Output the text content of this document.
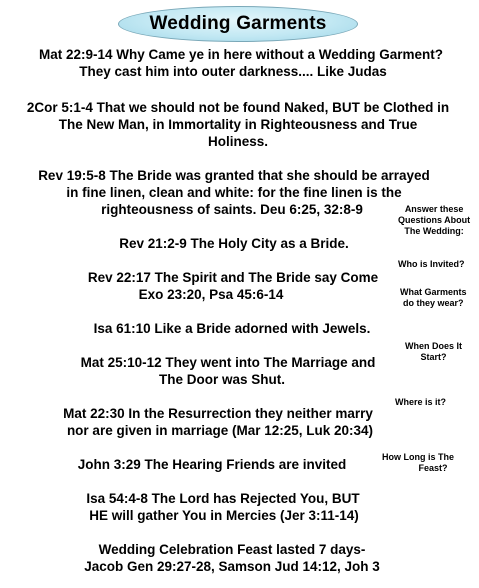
Wedding Garments
Mat 22:9-14 Why Came ye in here without a Wedding Garment?
They cast him into outer darkness.... Like Judas
2Cor 5:1-4 That we should not be found Naked, BUT be Clothed in
The New Man, in Immortality in Righteousness and True
Holiness.
Rev 19:5-8 The Bride was granted that she should be arrayed
in fine linen, clean and white: for the fine linen is the
righteousness of saints. Deu 6:25, 32:8-9
Rev 21:2-9 The Holy City as a Bride.
Rev 22:17 The Spirit and The Bride say Come
Exo 23:20, Psa 45:6-14
Isa 61:10 Like a Bride adorned with Jewels.
Mat 25:10-12 They went into The Marriage and
The Door was Shut.
Mat 22:30 In the Resurrection they neither marry
nor are given in marriage (Mar 12:25, Luk 20:34)
John 3:29 The Hearing Friends are invited
Isa 54:4-8 The Lord has Rejected You, BUT
HE will gather You in Mercies (Jer 3:11-14)
Wedding Celebration Feast lasted 7 days-
Jacob Gen 29:27-28, Samson Jud 14:12, Joh 3
Answer these
Questions About
The Wedding:
Who is Invited?
What Garments
do they wear?
When Does It
Start?
Where is it?
How Long is The
Feast?
